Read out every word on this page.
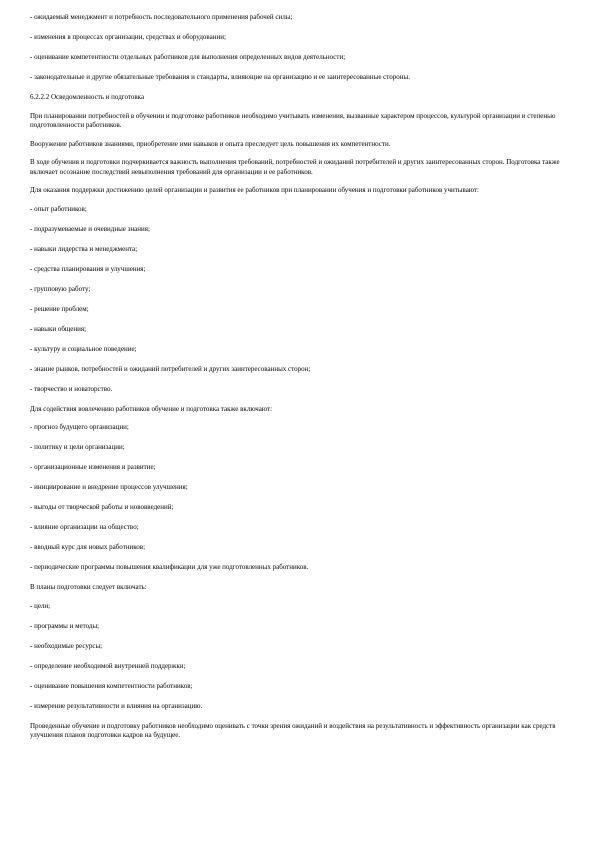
- ожидаемый менеджмент и потребность последовательного применения рабочей силы;

- изменения в процессах организации, средствах и оборудовании;

- оценивание компетентности отдельных работников для выполнения определенных видов деятельности;

- законодательные и другие обязательные требования и стандарты, влияющие на организацию и ее заинтересованные стороны.

6.2.2.2 Осведомленность и подготовка

При планировании потребностей в обучении и подготовке работников необходимо учитывать изменения, вызванные характером процессов, культурой организации и степенью подготовленности работников.

Вооружение работников знаниями, приобретение ими навыков и опыта преследует цель повышения их компетентности.

В ходе обучения и подготовки подчеркивается важность выполнения требований, потребностей и ожиданий потребителей и других заинтересованных сторон. Подготовка также включает осознание последствий невыполнения требований для организации и ее работников.

Для оказания поддержки достижению целей организации и развития ее работников при планировании обучения и подготовки работников учитывают:

- опыт работников;

- подразумеваемые и очевидные знания;

- навыки лидерства и менеджмента;

- средства планирования и улучшения;

- групповую работу;

- решение проблем;

- навыки общения;

- культуру и социальное поведение;

- знание рынков, потребностей и ожиданий потребителей и других заинтересованных сторон;

- творчество и новаторство.

Для содействия вовлечению работников обучение и подготовка также включают:

- прогноз будущего организации;

- политику и цели организации;

- организационные изменения и развитие;

- инициирование и внедрение процессов улучшения;

- выгоды от творческой работы и нововведений;

- влияние организации на общество;

- вводный курс для новых работников;

- периодические программы повышения квалификации для уже подготовленных работников.

В планы подготовки следует включать:

- цели;

- программы и методы;

- необходимые ресурсы;

- определение необходимой внутренней поддержки;

- оценивание повышения компетентности работников;

- измерение результативности и влияния на организацию.

Проведенные обучение и подготовку работников необходимо оценивать с точки зрения ожиданий и воздействия на результативность и эффективность организации как средств улучшения планов подготовки кадров на будущее.
